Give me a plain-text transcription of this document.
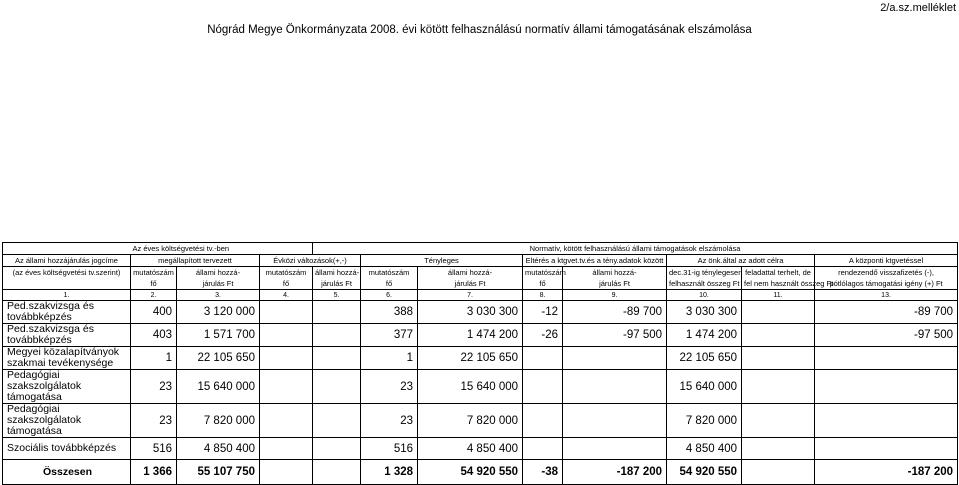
2/a.sz.melléklet
Nógrád Megye Önkormányzata 2008. évi kötött felhasználású normatív állami támogatásának elszámolása
	Az éves költségvetési tv.-ben			Normatív, kötött felhasználású állami támogatások elszámolása							
Az állami hozzájárulás jogcíme	megállapított tervezett		Évközi változások(+,-)		Tényleges		Eltérés a ktgvet.tv.és a tény.adatok között		Az önk.által az adott célra		A központi ktgvetéssel
(az éves költségvetési tv.szerint)	mutatószám	állami hozzá-	mutatószám	állami hozzá-	mutatószám	állami hozzá-	mutatószám	állami hozzá-	dec.31-ig ténylegesen	feladattal terhelt, de	rendezendő visszafizetés (-),
	fő	járulás Ft	fő	járulás Ft	fő	járulás Ft	fő	járulás Ft	felhasznált összeg Ft	fel nem használt összeg Ft	pótlólagos támogatási igény (+) Ft
1.	2.	3.	4.	5.	6.	7.	8.	9.	10.	11.	13.
Ped.szakvizsga és továbbképzés	400	3 120 000			388	3 030 300	-12	-89 700	3 030 300		-89 700
Ped.szakvizsga és továbbképzés	403	1 571 700			377	1 474 200	-26	-97 500	1 474 200		-97 500
Megyei közalapítványok szakmai tevékenysége	1	22 105 650			1	22 105 650			22 105 650		
Pedagógiai szakszolgálatok támogatása	23	15 640 000			23	15 640 000			15 640 000		
Pedagógiai szakszolgálatok támogatása	23	7 820 000			23	7 820 000			7 820 000		
Szociális továbbképzés	516	4 850 400			516	4 850 400			4 850 400		
Összesen	1 366	55 107 750			1 328	54 920 550	-38	-187 200	54 920 550		-187 200
